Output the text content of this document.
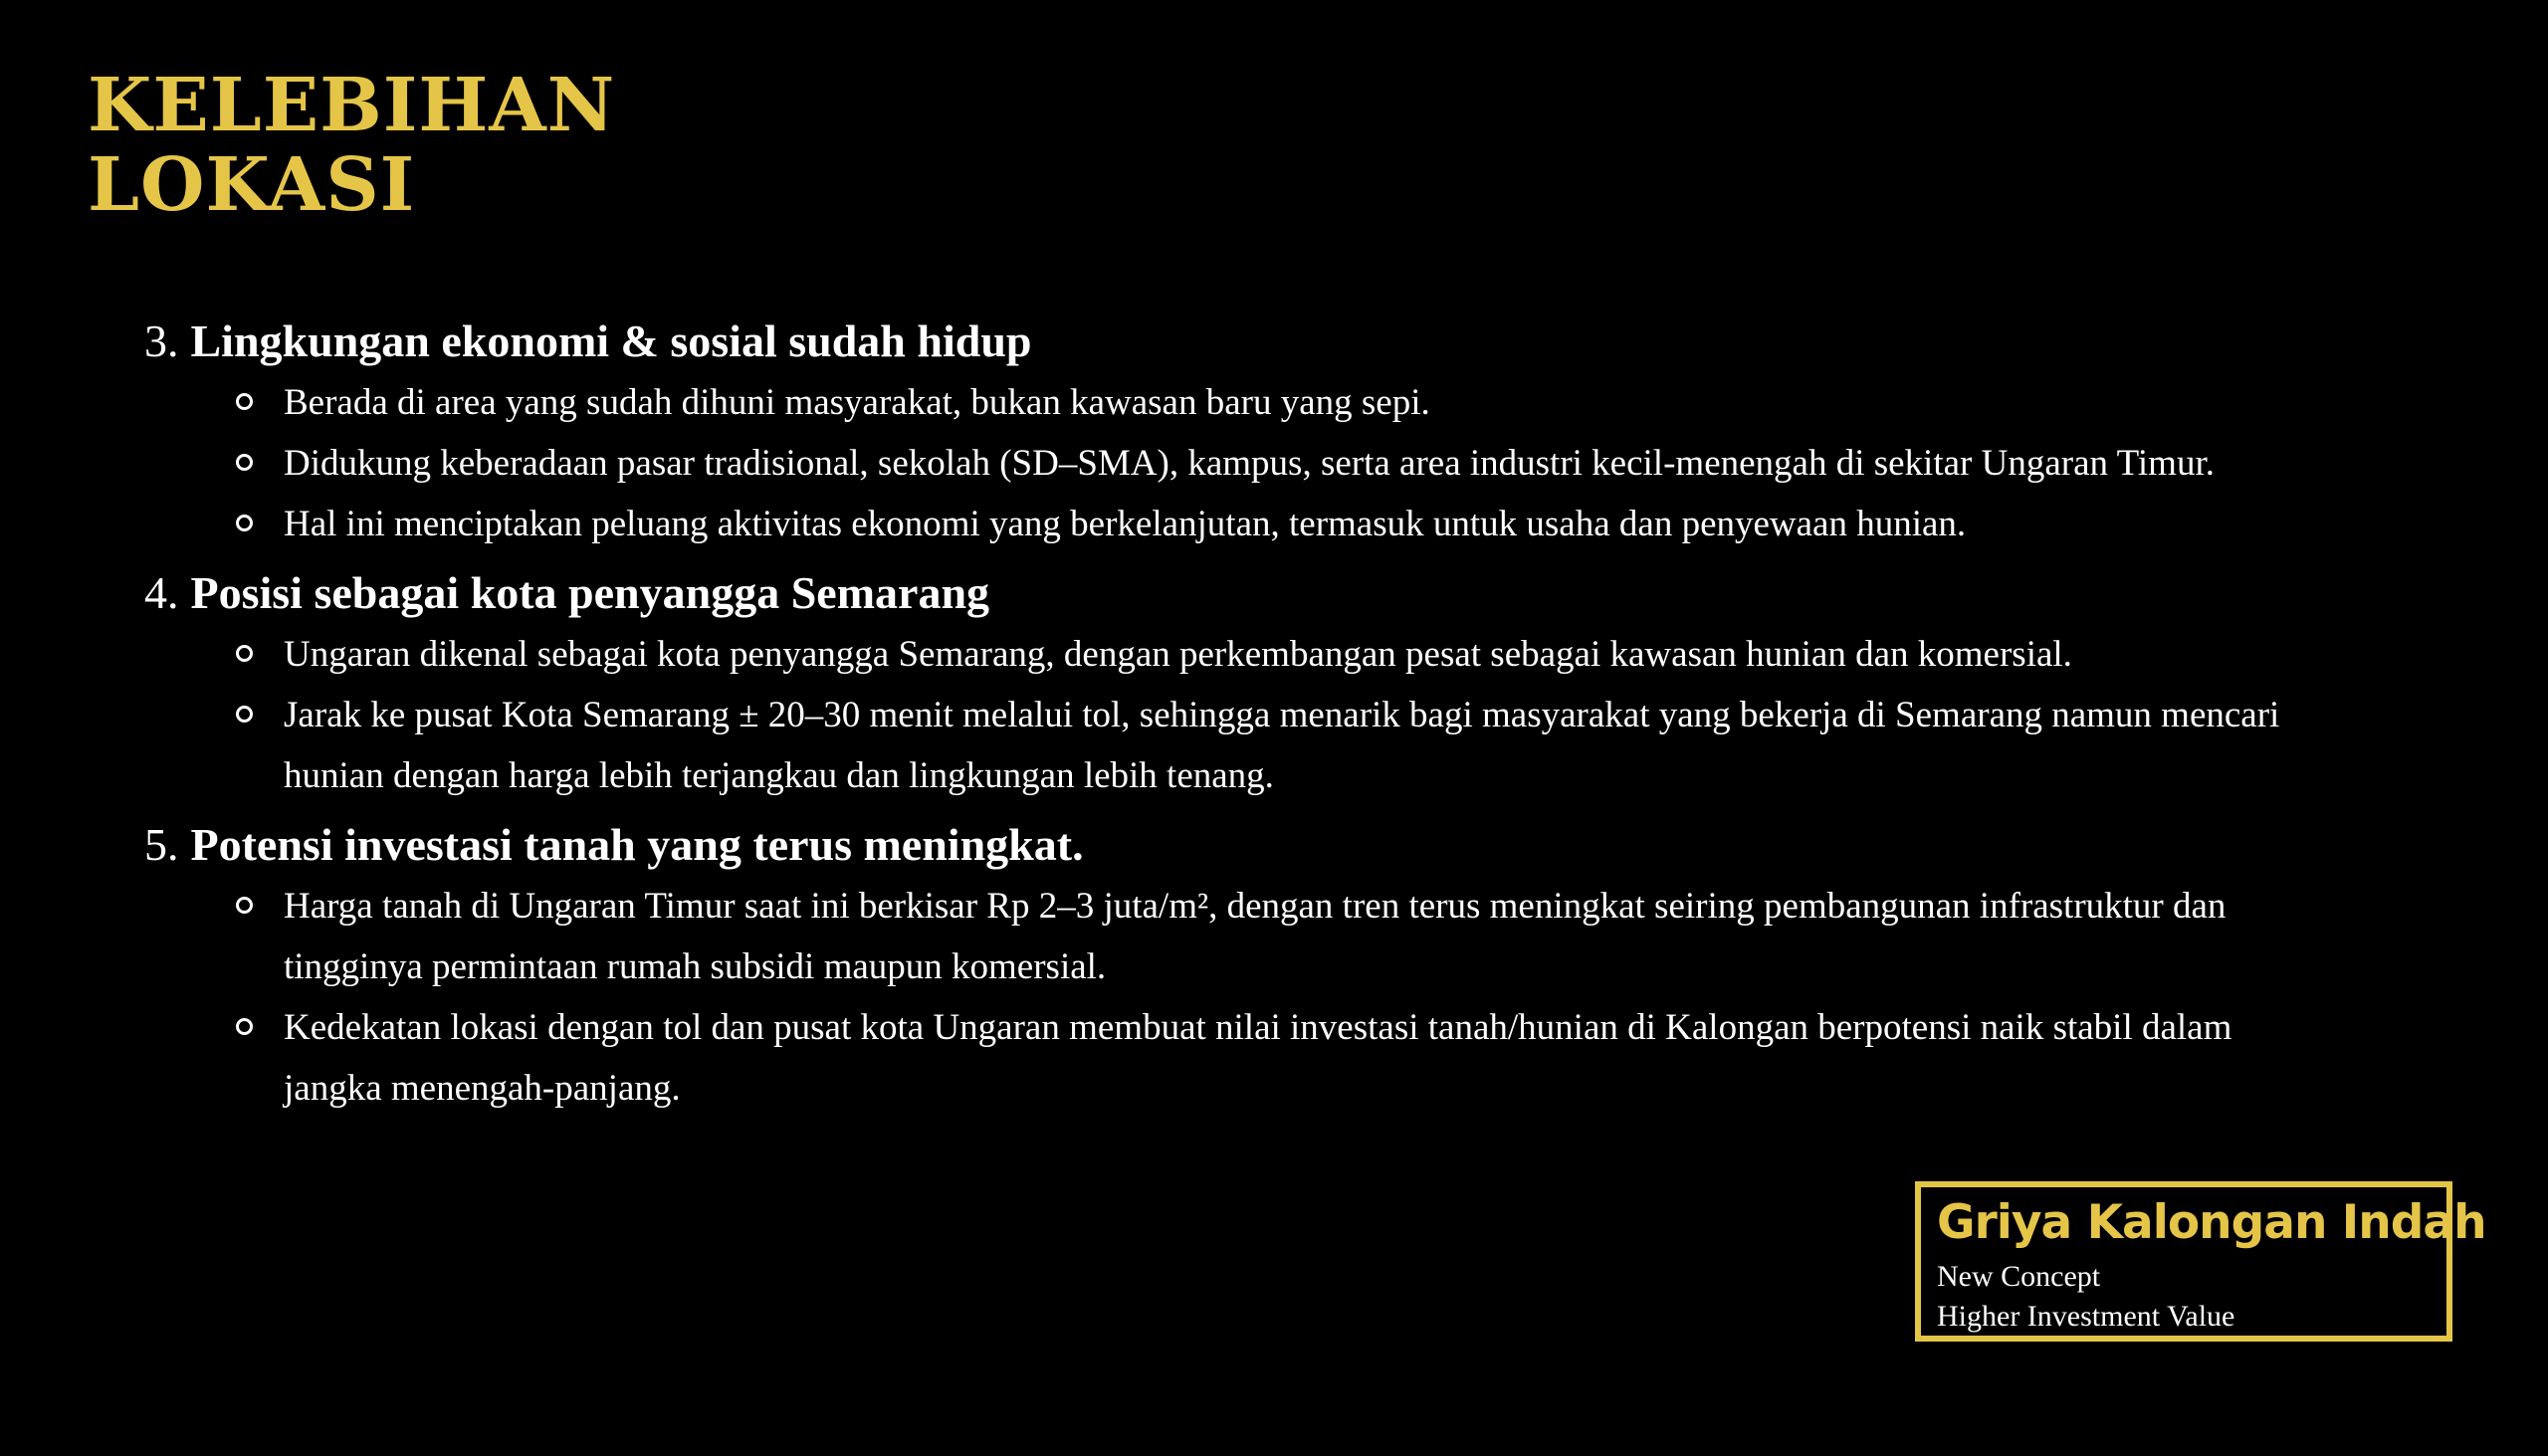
KELEBIHAN
LOKASI
3. Lingkungan ekonomi & sosial sudah hidup
Berada di area yang sudah dihuni masyarakat, bukan kawasan baru yang sepi.
Didukung keberadaan pasar tradisional, sekolah (SD–SMA), kampus, serta area industri kecil-menengah di sekitar Ungaran Timur.
Hal ini menciptakan peluang aktivitas ekonomi yang berkelanjutan, termasuk untuk usaha dan penyewaan hunian.
4. Posisi sebagai kota penyangga Semarang
Ungaran dikenal sebagai kota penyangga Semarang, dengan perkembangan pesat sebagai kawasan hunian dan komersial.
Jarak ke pusat Kota Semarang ± 20–30 menit melalui tol, sehingga menarik bagi masyarakat yang bekerja di Semarang namun mencari hunian dengan harga lebih terjangkau dan lingkungan lebih tenang.
5. Potensi investasi tanah yang terus meningkat.
Harga tanah di Ungaran Timur saat ini berkisar Rp 2–3 juta/m², dengan tren terus meningkat seiring pembangunan infrastruktur dan tingginya permintaan rumah subsidi maupun komersial.
Kedekatan lokasi dengan tol dan pusat kota Ungaran membuat nilai investasi tanah/hunian di Kalongan berpotensi naik stabil dalam jangka menengah-panjang.
Griya Kalongan Indah
New Concept
Higher Investment Value
